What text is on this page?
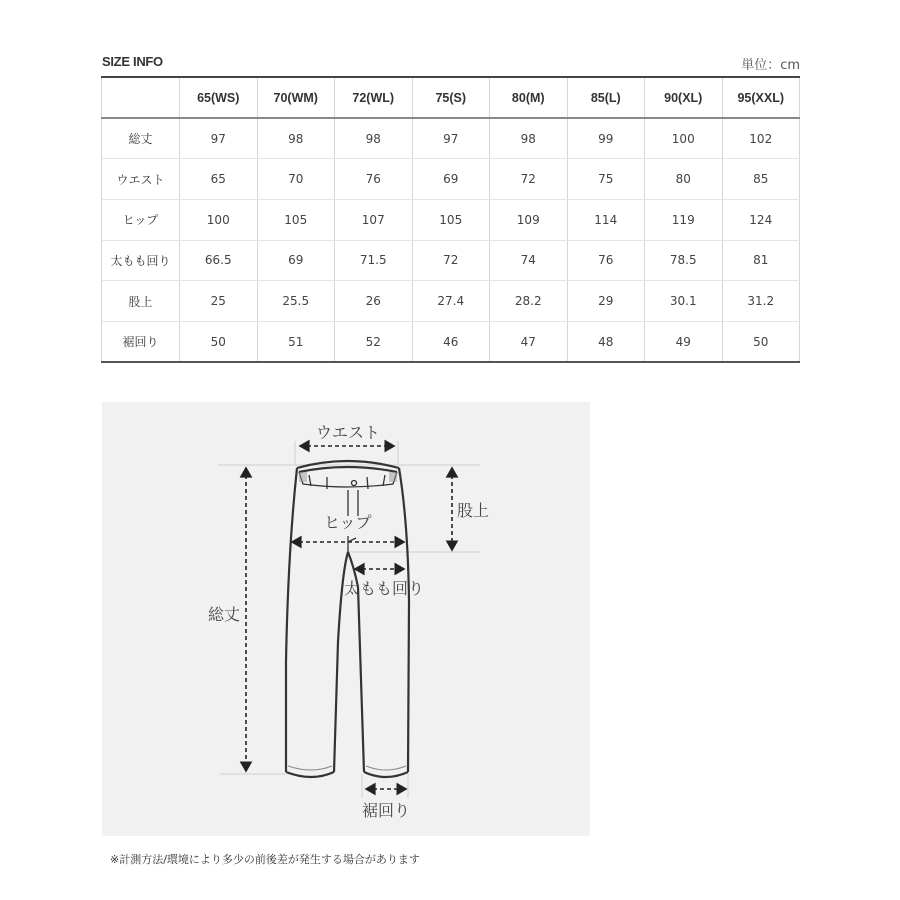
SIZE INFO	単位：cm
	65(WS)	70(WM)	72(WL)	75(S)	80(M)	85(L)	90(XL)	95(XXL)
総丈	97	98	98	97	98	99	100	102
ウエスト	65	70	76	69	72	75	80	85
ヒップ	100	105	107	105	109	114	119	124
太もも回り	66.5	69	71.5	72	74	76	78.5	81
股上	25	25.5	26	27.4	28.2	29	30.1	31.2
裾回り	50	51	52	46	47	48	49	50
ウエスト
股上
ヒップ
太もも回り
総丈
裾回り
※計測方法/環境により多少の前後差が発生する場合があります
